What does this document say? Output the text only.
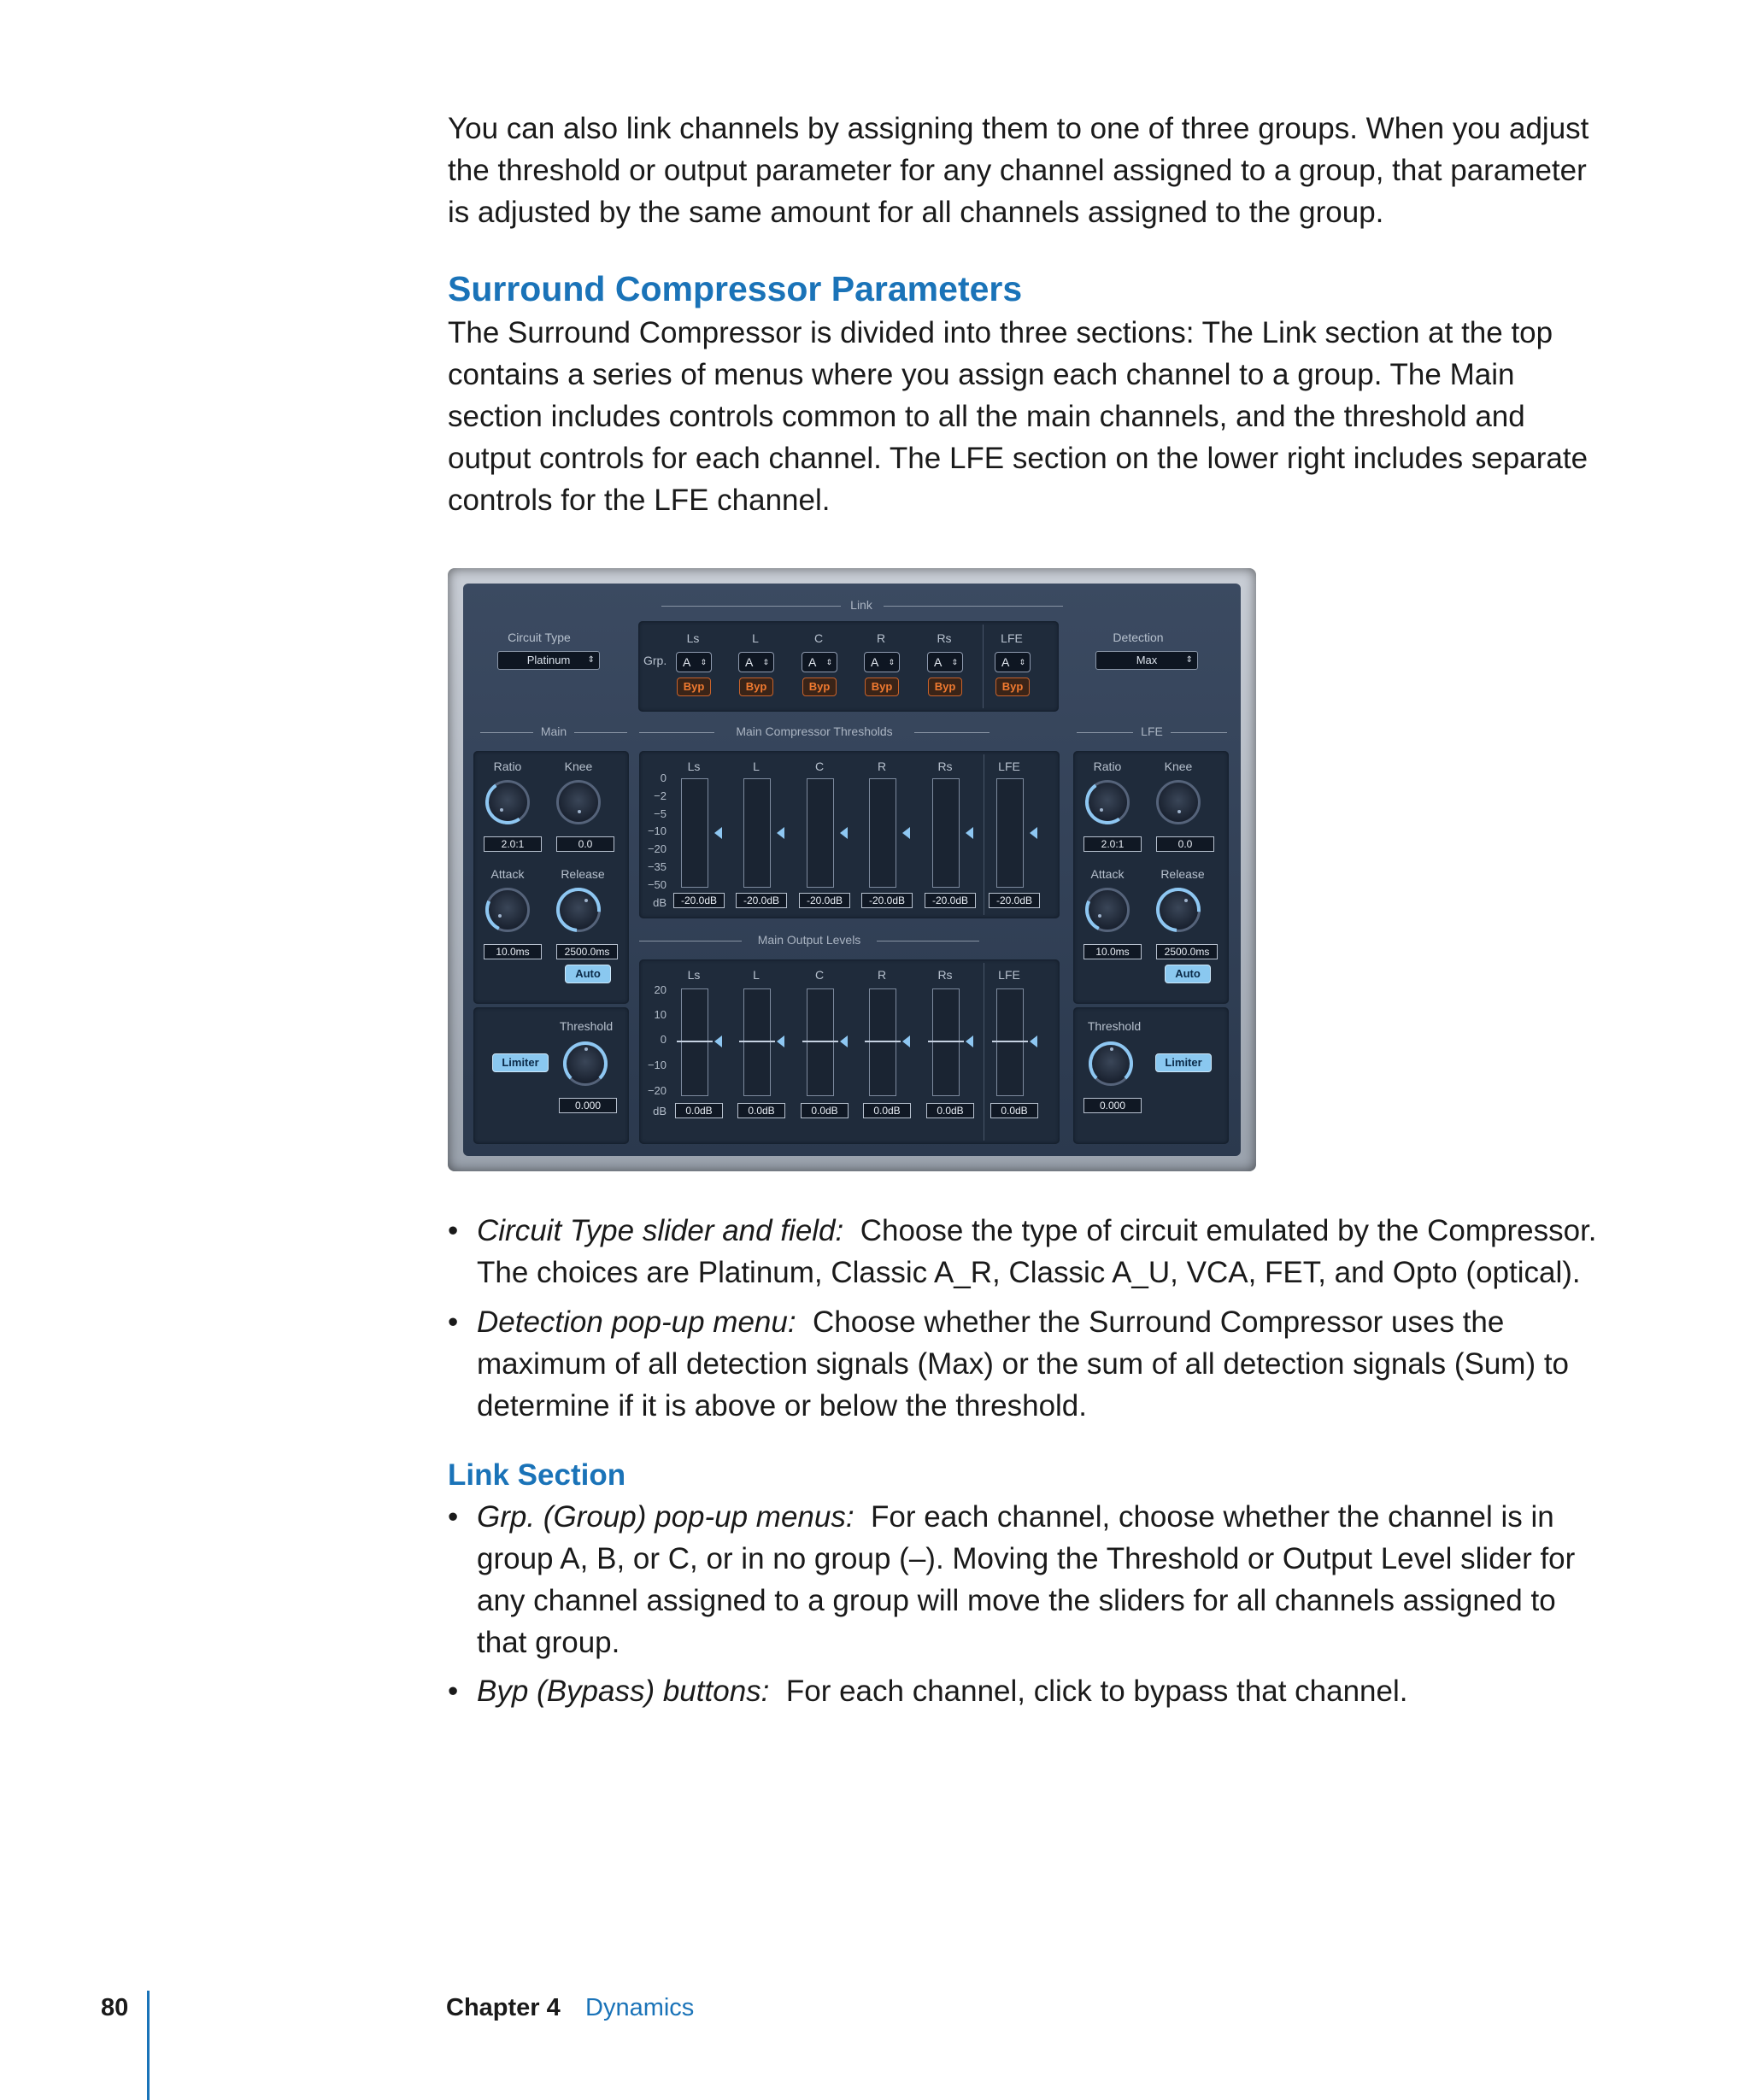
You can also link channels by assigning them to one of three groups. When you adjust the threshold or output parameter for any channel assigned to a group, that parameter is adjusted by the same amount for all channels assigned to the group.
Surround Compressor Parameters
The Surround Compressor is divided into three sections: The Link section at the top contains a series of menus where you assign each channel to a group. The Main section includes controls common to all the main channels, and the threshold and output controls for each channel. The LFE section on the lower right includes separate controls for the LFE channel.
Link
Circuit Type
Platinum ⇕
Detection
Max	⇕
Grp.
Ls	L	C	R	Rs	LFE
A	⇕	A	⇕	A	⇕	A	⇕	A	⇕	A	⇕
Byp	Byp	Byp	Byp	Byp	Byp
Main	Main Compressor Thresholds	LFE
Ratio	Knee
2.0:1	0.0
Attack	Release
10.0ms	2500.0ms
Auto
Threshold
Limiter
0.000
Ls	L	C	R	Rs	LFE
0
−2
−5
−10
−20
−35
−50
dB	-20.0dB	-20.0dB	-20.0dB	-20.0dB	-20.0dB	-20.0dB
Main Output Levels
Ls	L	C	R	Rs	LFE
20
10
0
−10
−20
dB	0.0dB	0.0dB	0.0dB	0.0dB	0.0dB	0.0dB
Ratio	Knee
2.0:1	0.0
Attack	Release
10.0ms	2500.0ms
Auto
Threshold
Limiter
0.000
• Circuit Type slider and field: Choose the type of circuit emulated by the Compressor. The choices are Platinum, Classic A_R, Classic A_U, VCA, FET, and Opto (optical).
• Detection pop-up menu: Choose whether the Surround Compressor uses the maximum of all detection signals (Max) or the sum of all detection signals (Sum) to determine if it is above or below the threshold.
Link Section
• Grp. (Group) pop-up menus: For each channel, choose whether the channel is in group A, B, or C, or in no group (–). Moving the Threshold or Output Level slider for any channel assigned to a group will move the sliders for all channels assigned to that group.
• Byp (Bypass) buttons: For each channel, click to bypass that channel.
80	Chapter 4 Dynamics
